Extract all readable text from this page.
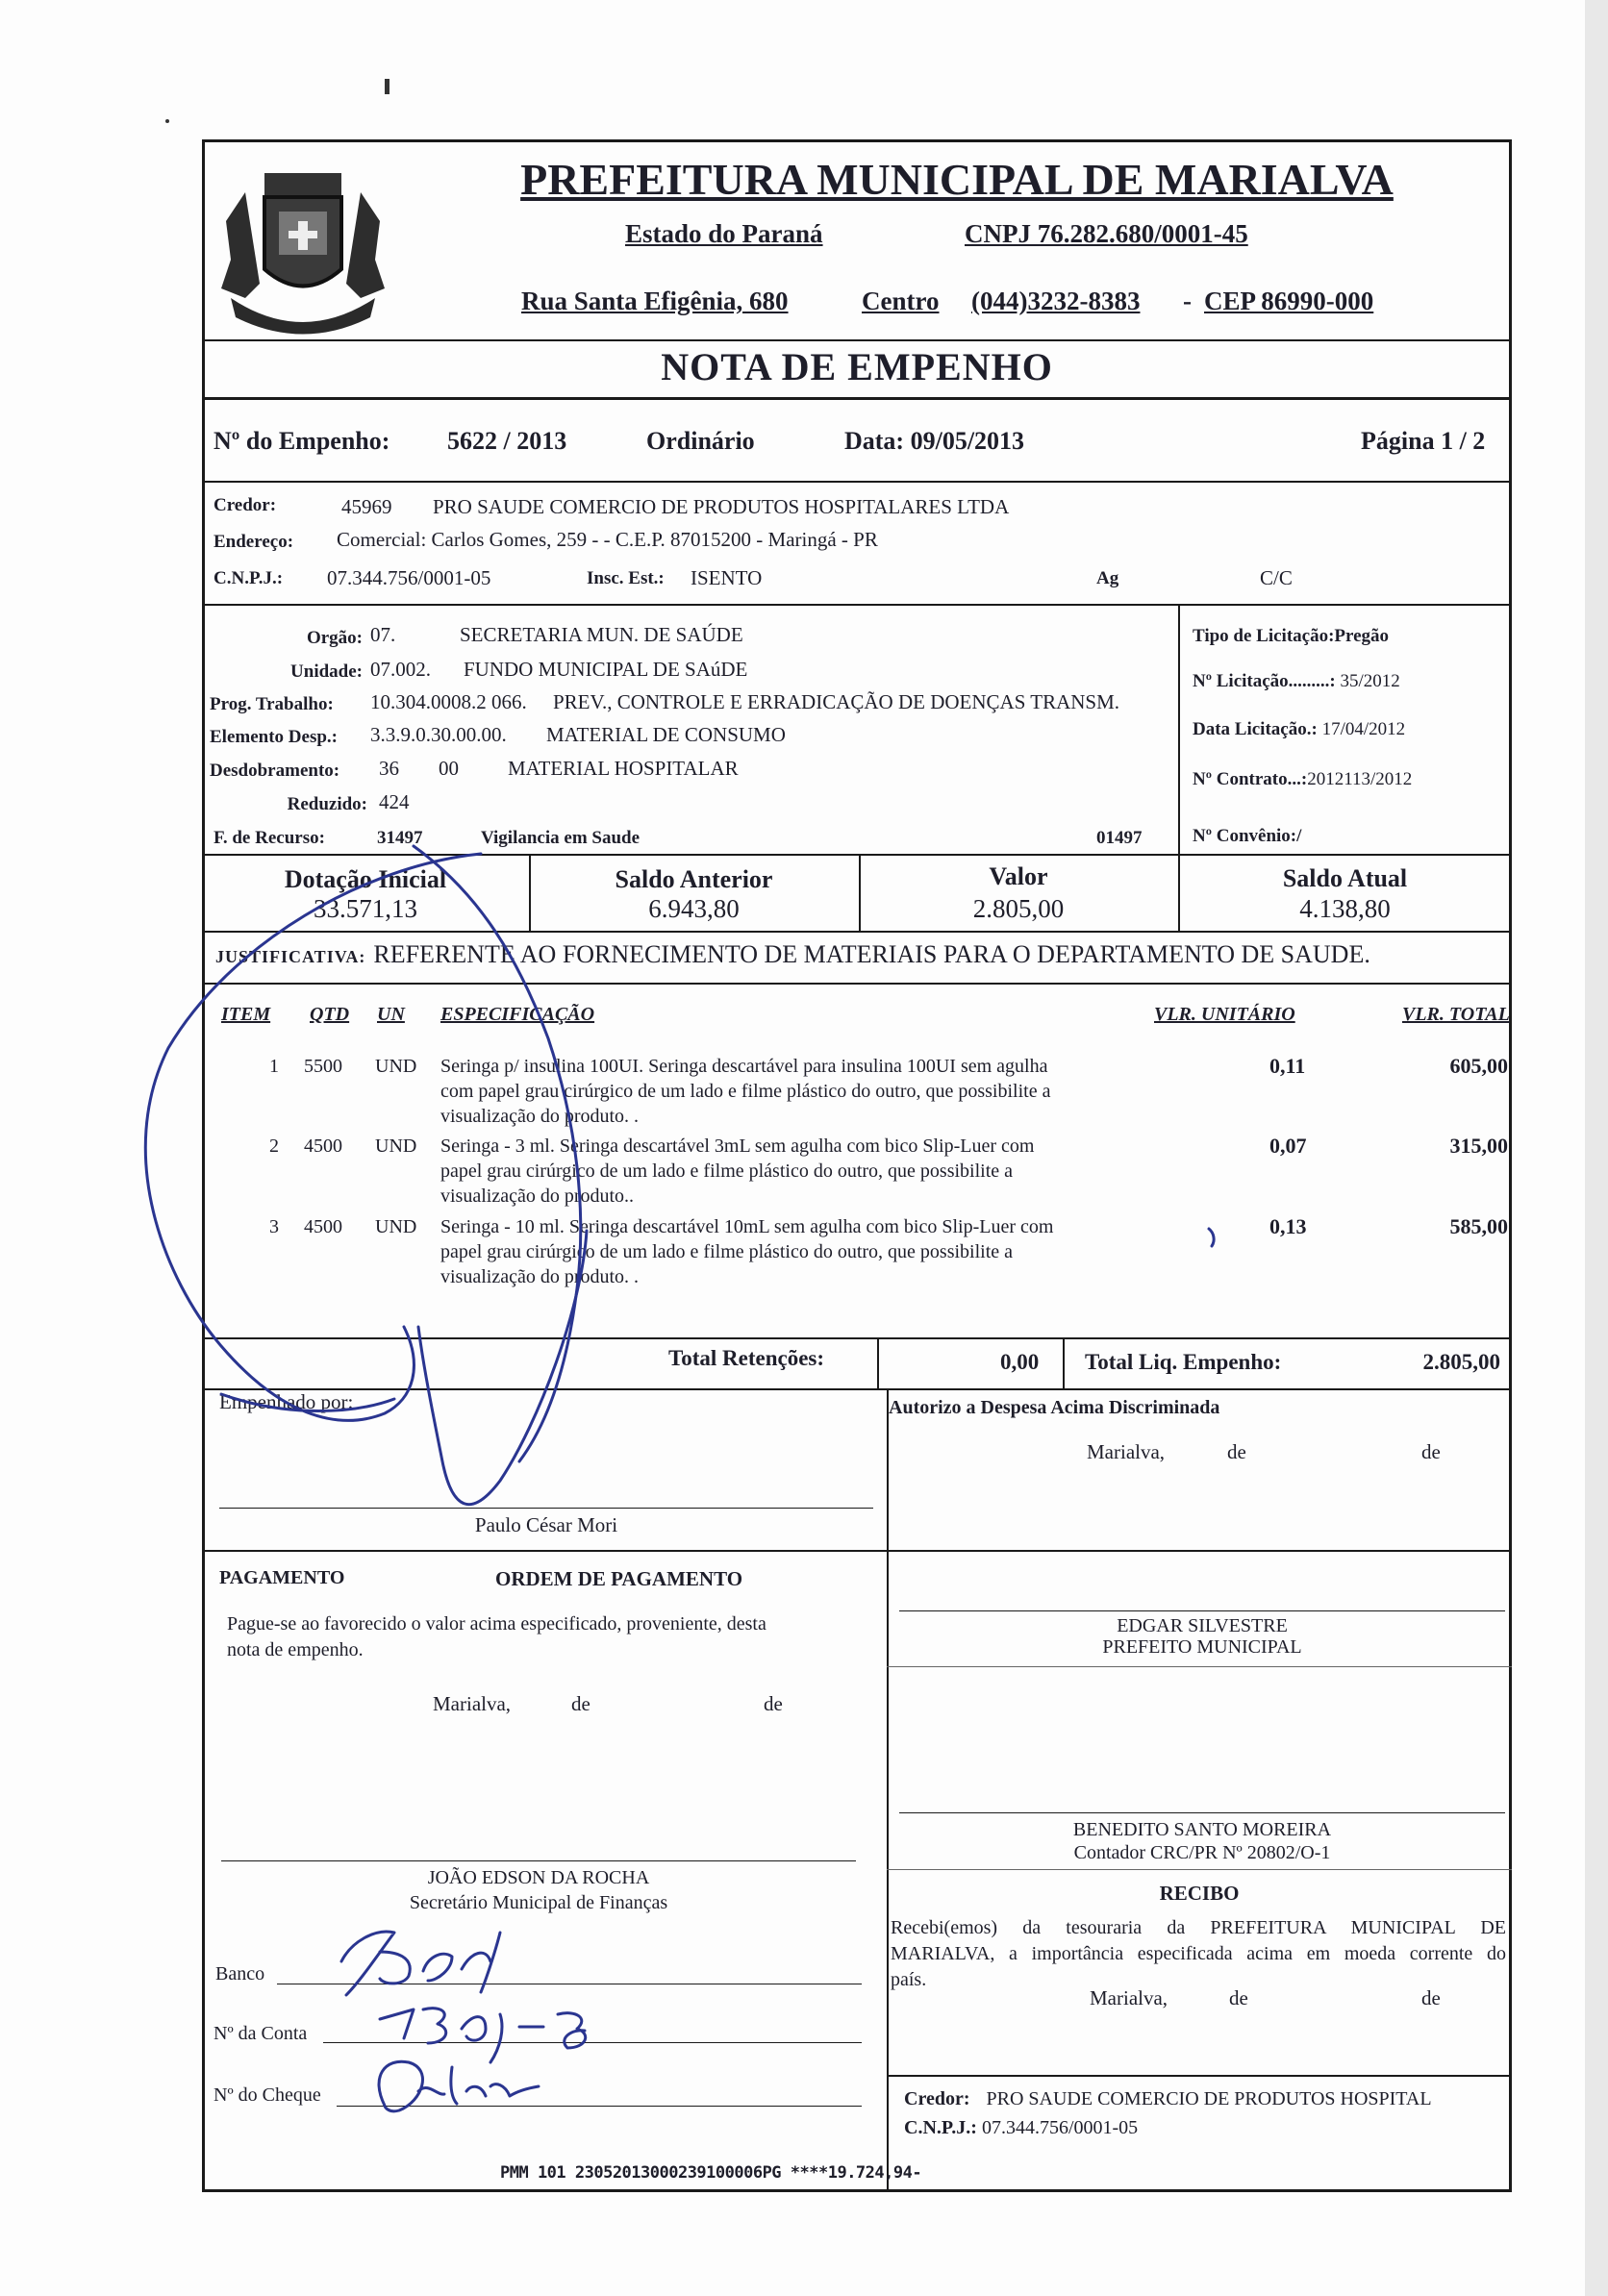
PREFEITURA MUNICIPAL DE MARIALVA
Estado do Paraná	CNPJ 76.282.680/0001-45
Rua Santa Efigênia, 680	Centro (044)3232-8383 - CEP 86990-000
NOTA DE EMPENHO
Nº do Empenho: 5622 / 2013	Ordinário	Data: 09/05/2013	Página 1 / 2
Credor:	45969 PRO SAUDE COMERCIO DE PRODUTOS HOSPITALARES LTDA
Endereço: Comercial: Carlos Gomes, 259 - - C.E.P. 87015200 - Maringá - PR
C.N.P.J.: 07.344.756/0001-05	Insc. Est.: ISENTO	Ag	C/C
Orgão: 07.	SECRETARIA MUN. DE SAÚDE
Unidade: 07.002. FUNDO MUNICIPAL DE SAúDE
Prog. Trabalho: 10.304.0008.2 066. PREV., CONTROLE E ERRADICAÇÃO DE DOENÇAS TRANSM.
Elemento Desp.: 3.3.9.0.30.00.00. MATERIAL DE CONSUMO
Desdobramento: 36 00 MATERIAL HOSPITALAR
Reduzido: 424
F. de Recurso:	31497	Vigilancia em Saude	01497
Tipo de Licitação:Pregão
Nº Licitação.........: 35/2012
Data Licitação.: 17/04/2012
Nº Contrato...:2012113/2012
Nº Convênio:/
Dotação Inicial
33.571,13
Saldo Anterior
6.943,80
Valor
2.805,00
Saldo Atual
4.138,80
JUSTIFICATIVA: REFERENTE AO FORNECIMENTO DE MATERIAIS PARA O DEPARTAMENTO DE SAUDE.
ITEM QTD UN ESPECIFICAÇÃO	VLR. UNITÁRIO	VLR. TOTAL
1 5500 UND Seringa p/ insulina 100UI. Seringa descartável para insulina 100UI sem agulha
com papel grau cirúrgico de um lado e filme plástico do outro, que possibilite a
visualização do produto. .
0,11	605,00
2 4500 UND Seringa - 3 ml. Seringa descartável 3mL sem agulha com bico Slip-Luer com
papel grau cirúrgico de um lado e filme plástico do outro, que possibilite a
visualização do produto..
0,07	315,00
3 4500 UND Seringa - 10 ml. Seringa descartável 10mL sem agulha com bico Slip-Luer com
papel grau cirúrgico de um lado e filme plástico do outro, que possibilite a
visualização do produto. .
0,13	585,00
Total Retenções:	0,00 Total Liq. Empenho:	2.805,00
Empenhado por:
Paulo César Mori
Autorizo a Despesa Acima Discriminada
Marialva,	de	de
PAGAMENTO	ORDEM DE PAGAMENTO
Pague-se ao favorecido o valor acima especificado, proveniente, desta
nota de empenho.
Marialva,	de	de
JOÃO EDSON DA ROCHA
Secretário Municipal de Finanças
Banco
Nº da Conta
Nº do Cheque
EDGAR SILVESTRE
PREFEITO MUNICIPAL
BENEDITO SANTO MOREIRA
Contador CRC/PR Nº 20802/O-1
RECIBO
Recebi(emos) da tesouraria da PREFEITURA MUNICIPAL DE
MARIALVA, a importância especificada acima em moeda corrente do
país.
Marialva,	de	de
Credor: PRO SAUDE COMERCIO DE PRODUTOS HOSPITAL
C.N.P.J.: 07.344.756/0001-05
PMM 101 23052013000239100006PG ****19.724,94-
